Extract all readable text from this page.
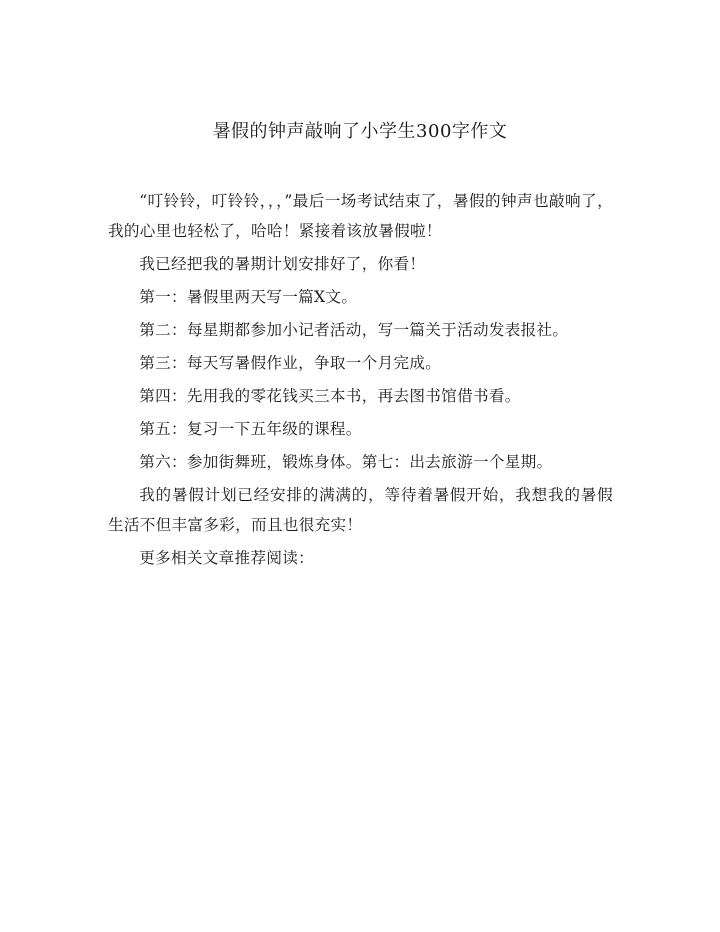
暑假的钟声敲响了小学生300字作文

“叮铃铃，叮铃铃，，，”最后一场考试结束了，暑假的钟声也敲响了，我的心里也轻松了，哈哈！紧接着该放暑假啦！

我已经把我的暑期计划安排好了，你看！

第一：暑假里两天写一篇X文。

第二：每星期都参加小记者活动，写一篇关于活动发表报社。

第三：每天写暑假作业，争取一个月完成。

第四：先用我的零花钱买三本书，再去图书馆借书看。

第五：复习一下五年级的课程。

第六：参加街舞班，锻炼身体。第七：出去旅游一个星期。

我的暑假计划已经安排的满满的，等待着暑假开始，我想我的暑假生活不但丰富多彩，而且也很充实！

更多相关文章推荐阅读：
